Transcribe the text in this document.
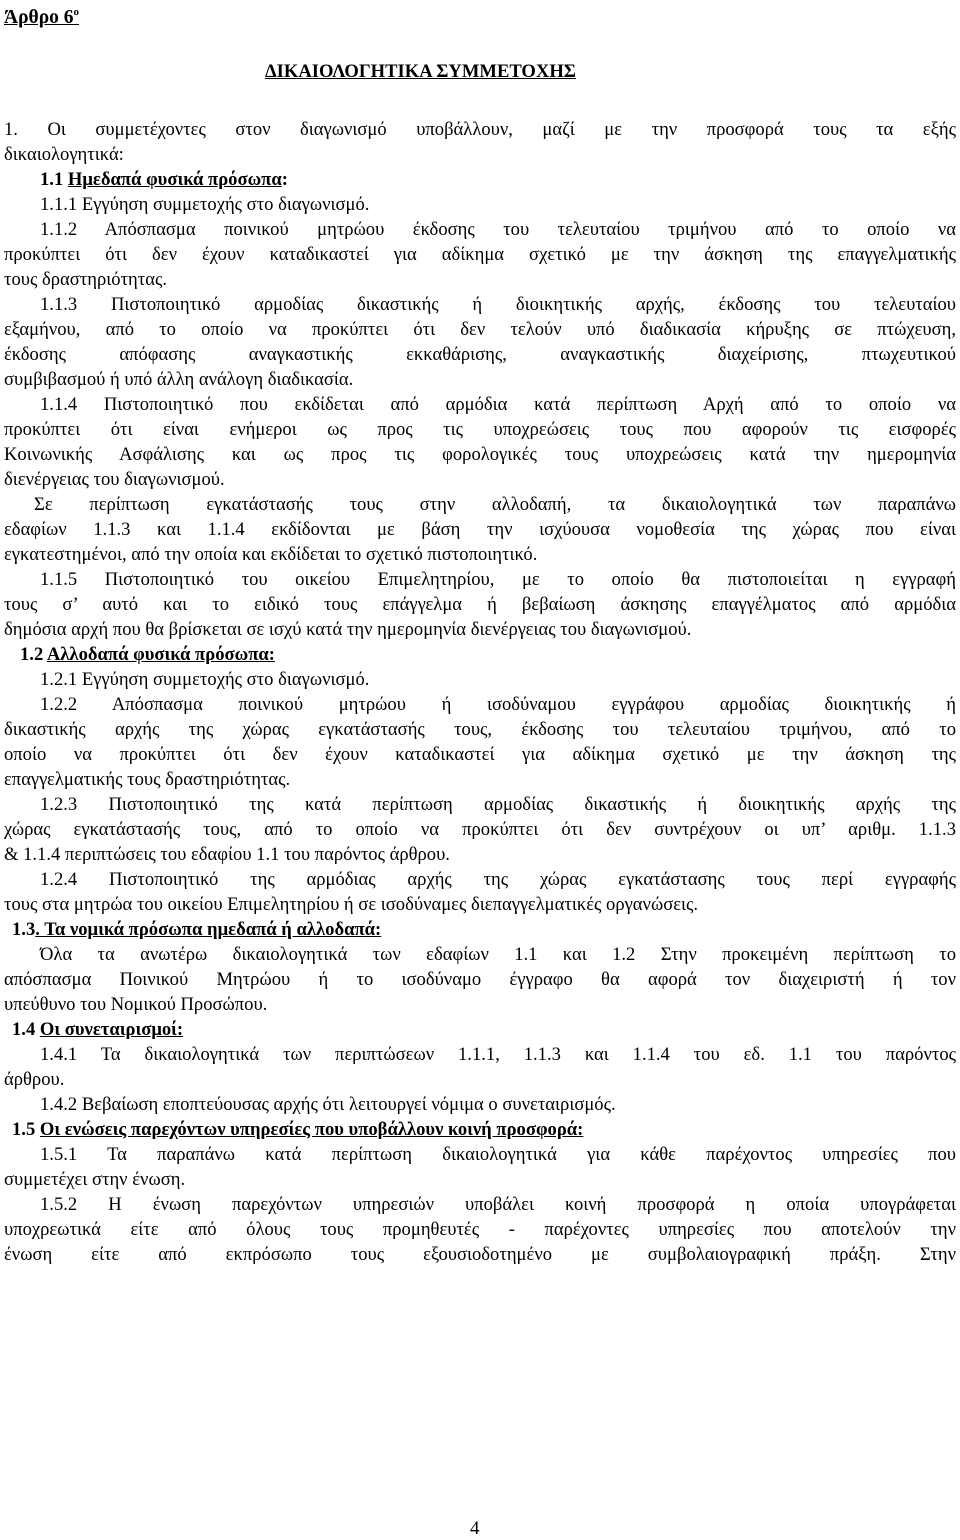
Άρθρο $6^o$
ΔΙΚΑΙΟΛΟΓΗΤΙΚΑ ΣΥΜΜΕΤΟΧΗΣ
1. Οι συμμετέχοντες στον διαγωνισμό υποβάλλουν, μαζί με την προσφορά τους τα εξής
δικαιολογητικά:
1.1 Ημεδαπά φυσικά πρόσωπα:
1.1.1 Εγγύηση συμμετοχής στο διαγωνισμό.
1.1.2 Απόσπασμα ποινικού μητρώου έκδοσης του τελευταίου τριμήνου από το οποίο να
προκύπτει ότι δεν έχουν καταδικαστεί για αδίκημα σχετικό με την άσκηση της επαγγελματικής
τους δραστηριότητας.
1.1.3 Πιστοποιητικό αρμοδίας δικαστικής ή διοικητικής αρχής, έκδοσης του τελευταίου
εξαμήνου, από το οποίο να προκύπτει ότι δεν τελούν υπό διαδικασία κήρυξης σε πτώχευση,
έκδοσης απόφασης αναγκαστικής εκκαθάρισης, αναγκαστικής διαχείρισης, πτωχευτικού
συμβιβασμού ή υπό άλλη ανάλογη διαδικασία.
1.1.4 Πιστοποιητικό που εκδίδεται από αρμόδια κατά περίπτωση Αρχή από το οποίο να
προκύπτει ότι είναι ενήμεροι ως προς τις υποχρεώσεις τους που αφορούν τις εισφορές
Κοινωνικής Ασφάλισης και ως προς τις φορολογικές τους υποχρεώσεις κατά την ημερομηνία
διενέργειας του διαγωνισμού.
Σε περίπτωση εγκατάστασής τους στην αλλοδαπή, τα δικαιολογητικά των παραπάνω
εδαφίων 1.1.3 και 1.1.4 εκδίδονται με βάση την ισχύουσα νομοθεσία της χώρας που είναι
εγκατεστημένοι, από την οποία και εκδίδεται το σχετικό πιστοποιητικό.
1.1.5 Πιστοποιητικό του οικείου Επιμελητηρίου, με το οποίο θα πιστοποιείται η εγγραφή
τους σ’ αυτό και το ειδικό τους επάγγελμα ή βεβαίωση άσκησης επαγγέλματος από αρμόδια
δημόσια αρχή που θα βρίσκεται σε ισχύ κατά την ημερομηνία διενέργειας του διαγωνισμού.
1.2 Αλλοδαπά φυσικά πρόσωπα:
1.2.1 Εγγύηση συμμετοχής στο διαγωνισμό.
1.2.2 Απόσπασμα ποινικού μητρώου ή ισοδύναμου εγγράφου αρμοδίας διοικητικής ή
δικαστικής αρχής της χώρας εγκατάστασής τους, έκδοσης του τελευταίου τριμήνου, από το
οποίο να προκύπτει ότι δεν έχουν καταδικαστεί για αδίκημα σχετικό με την άσκηση της
επαγγελματικής τους δραστηριότητας.
1.2.3 Πιστοποιητικό της κατά περίπτωση αρμοδίας δικαστικής ή διοικητικής αρχής της
χώρας εγκατάστασής τους, από το οποίο να προκύπτει ότι δεν συντρέχουν οι υπ’ αριθμ. 1.1.3
& 1.1.4 περιπτώσεις του εδαφίου 1.1 του παρόντος άρθρου.
1.2.4 Πιστοποιητικό της αρμόδιας αρχής της χώρας εγκατάστασης τους περί εγγραφής
τους στα μητρώα του οικείου Επιμελητηρίου ή σε ισοδύναμες διεπαγγελματικές οργανώσεις.
1.3. Τα νομικά πρόσωπα ημεδαπά ή αλλοδαπά:
Όλα τα ανωτέρω δικαιολογητικά των εδαφίων 1.1 και 1.2 Στην προκειμένη περίπτωση το
απόσπασμα Ποινικού Μητρώου ή το ισοδύναμο έγγραφο θα αφορά τον διαχειριστή ή τον
υπεύθυνο του Νομικού Προσώπου.
1.4 Οι συνεταιρισμοί:
1.4.1 Τα δικαιολογητικά των περιπτώσεων 1.1.1, 1.1.3 και 1.1.4 του εδ. 1.1 του παρόντος
άρθρου.
1.4.2 Βεβαίωση εποπτεύουσας αρχής ότι λειτουργεί νόμιμα ο συνεταιρισμός.
1.5 Οι ενώσεις παρεχόντων υπηρεσίες που υποβάλλουν κοινή προσφορά:
1.5.1 Τα παραπάνω κατά περίπτωση δικαιολογητικά για κάθε παρέχοντος υπηρεσίες που
συμμετέχει στην ένωση.
1.5.2 Η ένωση παρεχόντων υπηρεσιών υποβάλει κοινή προσφορά η οποία υπογράφεται
υποχρεωτικά είτε από όλους τους προμηθευτές - παρέχοντες υπηρεσίες που αποτελούν την
ένωση είτε από εκπρόσωπο τους εξουσιοδοτημένο με συμβολαιογραφική πράξη. Στην
4
